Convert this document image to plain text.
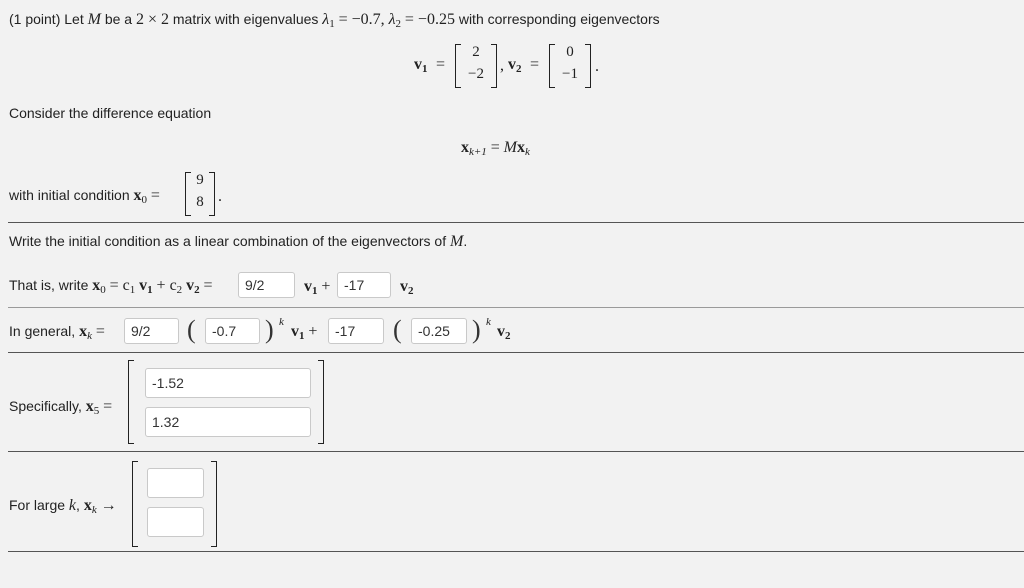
(1 point) Let M be a 2 × 2 matrix with eigenvalues $\lambda_1 = -0.7$, $\lambda_2 = -0.25$ with corresponding eigenvectors
$v_1$ =
2
−2	, $v_2$ =
0
−1	.
Consider the difference equation
$x_{k+1} = Mx_k$
with initial condition $x_0$ =
9
8 .
Write the initial condition as a linear combination of the eigenvectors of M.
That is, write $x_0 = c_1$ $v_1 + c_2$ $v_2$ =
9/2	$v_1$ +
-17	$v_2$
In general, $x_k$ =
9/2	(
-0.7	) k
$v_1$ +
-17	(
-0.25	) k
$v_2$
Specifically, $x_5$ =
-1.52
1.32
For large k, $x_k$ →
